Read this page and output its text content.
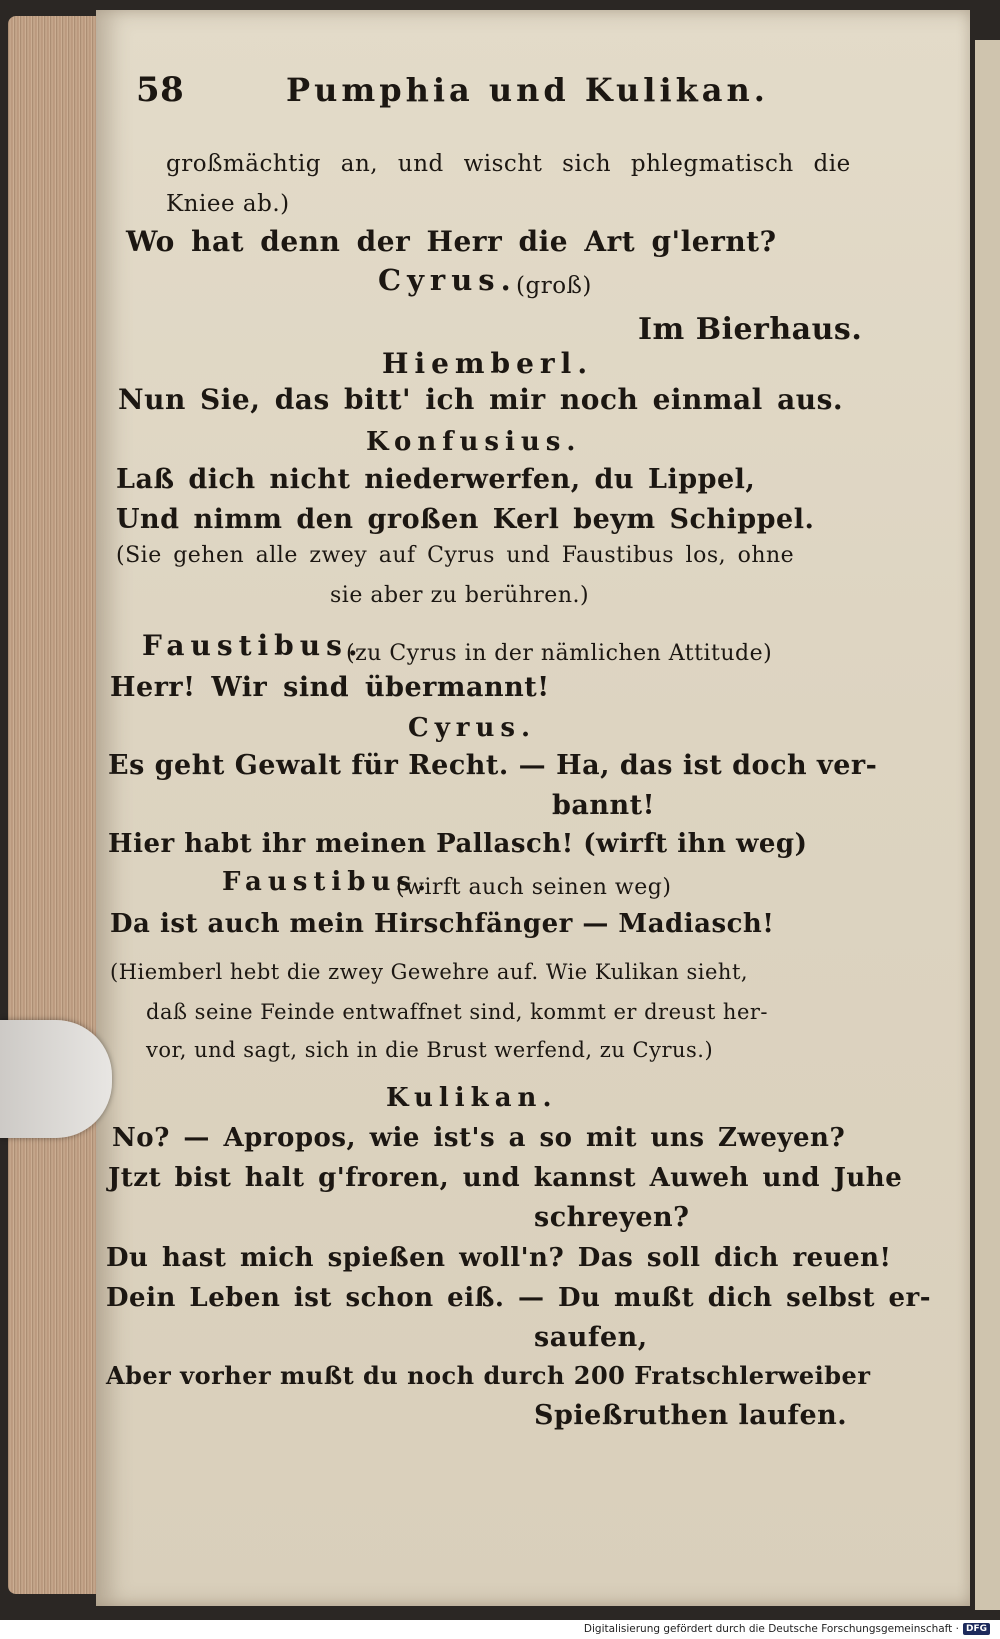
58	Pumphia und Kulikan.
großmächtig an, und wischt sich phlegmatisch die
Kniee ab.)
Wo hat denn der Herr die Art g'lernt?
Cyrus. (groß)
Im Bierhaus.
Hiemberl.
Nun Sie, das bitt' ich mir noch einmal aus.
Konfusius.
Laß dich nicht niederwerfen, du Lippel,
Und nimm den großen Kerl beym Schippel.
(Sie gehen alle zwey auf Cyrus und Faustibus los, ohne
sie aber zu berühren.)
Faustibus.
(zu Cyrus in der nämlichen Attitude)
Herr! Wir sind übermannt!
Cyrus.
Es geht Gewalt für Recht. — Ha, das ist doch ver-
bannt!
Hier habt ihr meinen Pallasch! (wirft ihn weg)
Faustibus.
(wirft auch seinen weg)
Da ist auch mein Hirschfänger — Madiasch!
(Hiemberl hebt die zwey Gewehre auf. Wie Kulikan sieht,
daß seine Feinde entwaffnet sind, kommt er dreust her-
vor, und sagt, sich in die Brust werfend, zu Cyrus.)
Kulikan.
No? — Apropos, wie ist's a so mit uns Zweyen?
Jtzt bist halt g'froren, und kannst Auweh und Juhe
schreyen?
Du hast mich spießen woll'n? Das soll dich reuen!
Dein Leben ist schon eiß. — Du mußt dich selbst er-
saufen,
Aber vorher mußt du noch durch 200 Fratschlerweiber
Spießruthen laufen.
Digitalisierung gefördert durch die Deutsche Forschungsgemeinschaft · DFG
